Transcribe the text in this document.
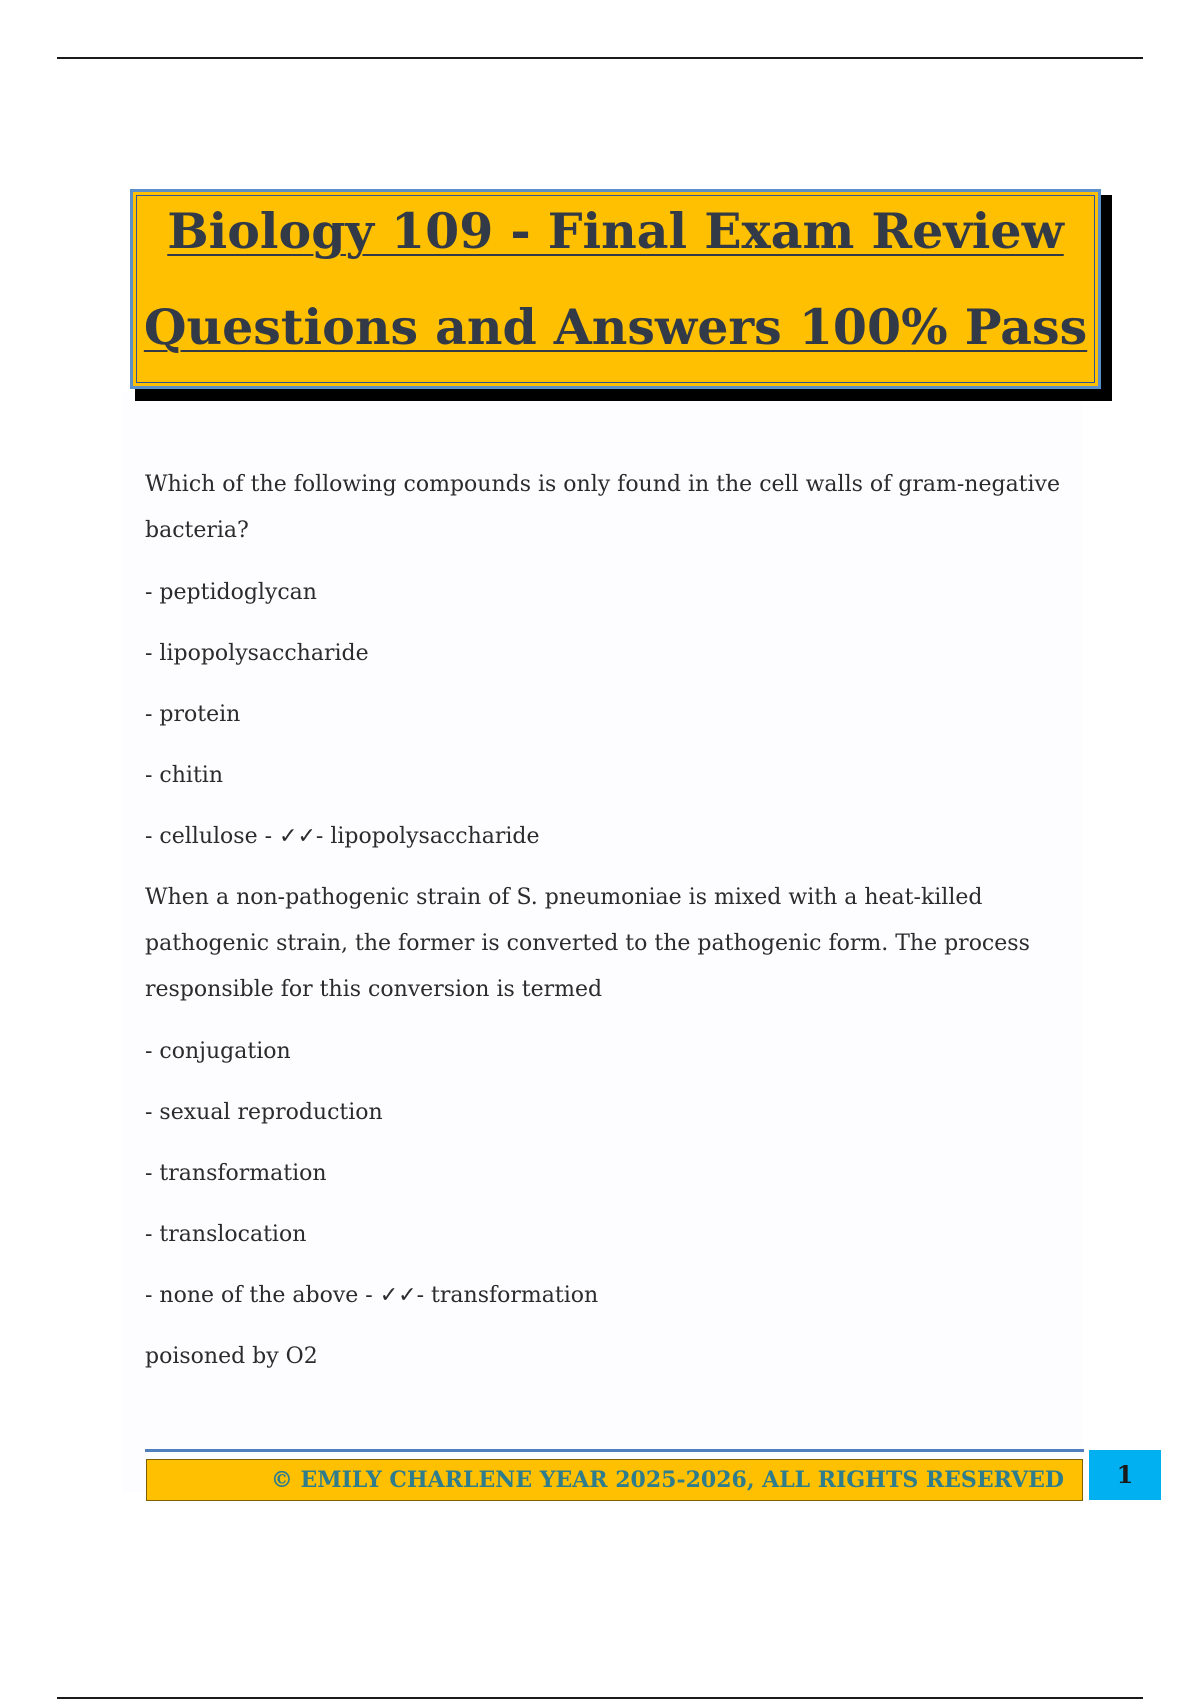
Biology 109 - Final Exam Review
Questions and Answers 100% Pass

Which of the following compounds is only found in the cell walls of gram-negative bacteria?

- peptidoglycan

- lipopolysaccharide

- protein

- chitin

- cellulose - ✓✓- lipopolysaccharide

When a non-pathogenic strain of S. pneumoniae is mixed with a heat-killed pathogenic strain, the former is converted to the pathogenic form. The process responsible for this conversion is termed

- conjugation

- sexual reproduction

- transformation

- translocation

- none of the above - ✓✓- transformation

poisoned by O2

© EMILY CHARLENE YEAR 2025-2026, ALL RIGHTS RESERVED	1
